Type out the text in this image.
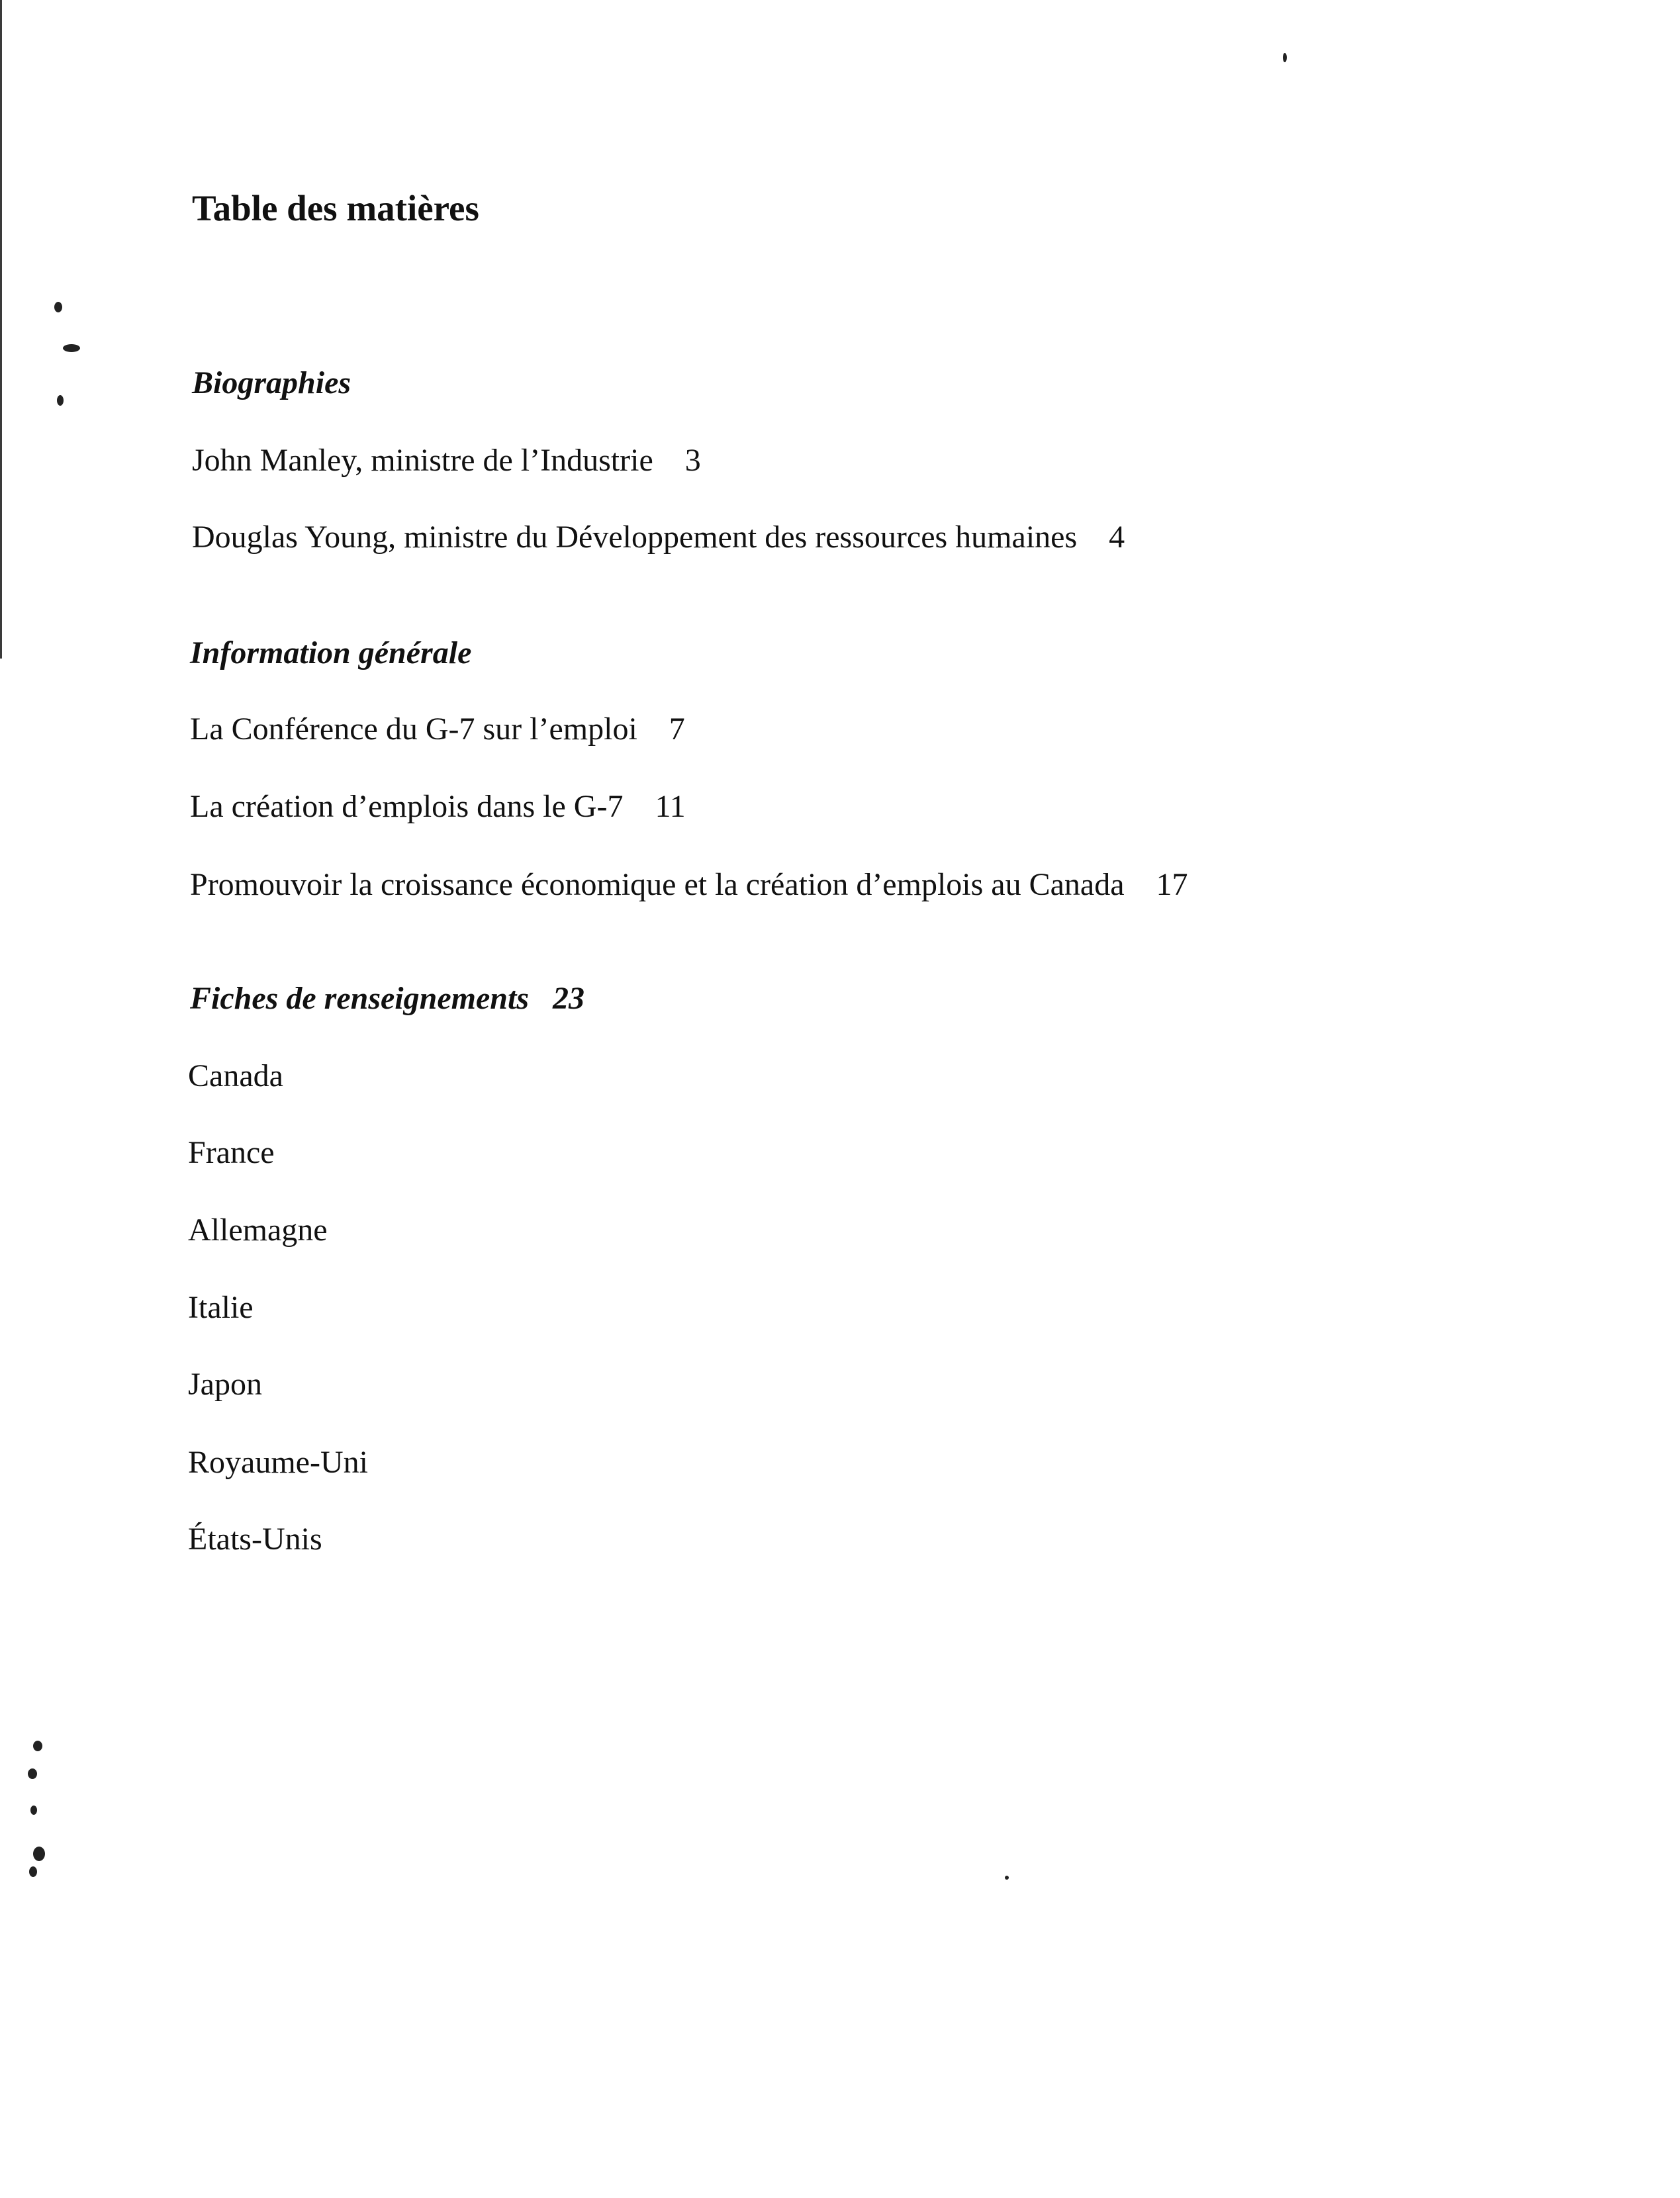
Table des matières
Biographies
John Manley, ministre de l’Industrie 3
Douglas Young, ministre du Développement des ressources humaines 4
Information générale
La Conférence du G-7 sur l’emploi 7
La création d’emplois dans le G-7 11
Promouvoir la croissance économique et la création d’emplois au Canada 17
Fiches de renseignements 23
Canada
France
Allemagne
Italie
Japon
Royaume-Uni
États-Unis
